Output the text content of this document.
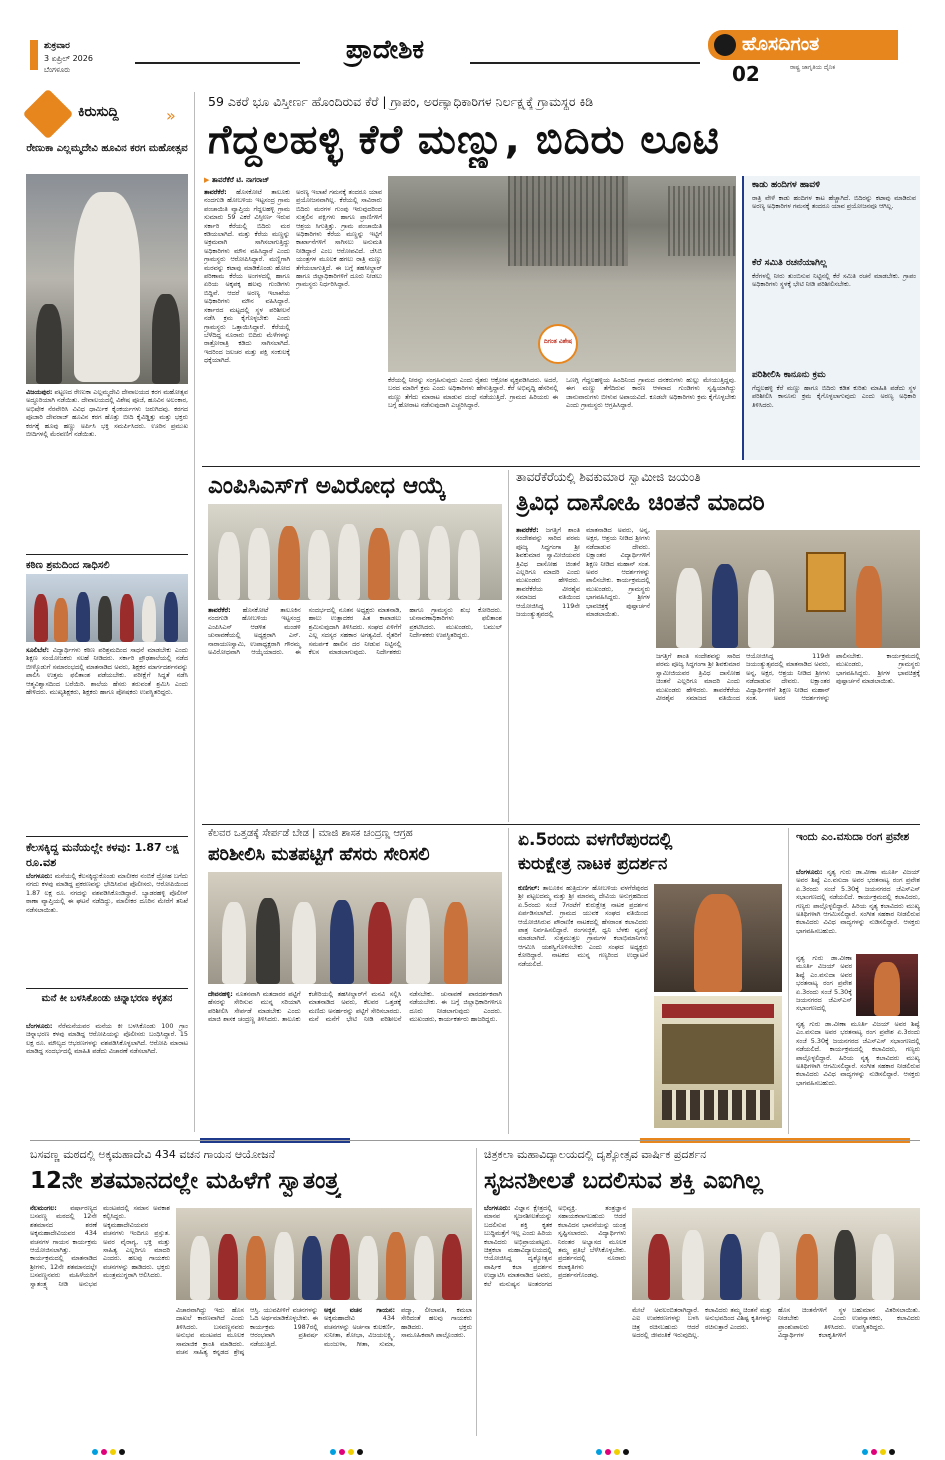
ಶುಕ್ರವಾರ
3 ಏಪ್ರಿಲ್ 2026
ಬೆಂಗಳೂರು
ಪ್ರಾದೇಶಿಕ	ಹೊಸದಿಗಂತ
ರಾಷ್ಟ್ರ ಜಾಗೃತಿಯ ದೈನಿಕ
02
ಕಿರುಸುದ್ದಿ	»
ರೇಣುಕಾ ಎಲ್ಲಮ್ಮದೇವಿ ಹೂವಿನ ಕರಗ ಮಹೋತ್ಸವ
ವಿಜಯಪುರ: ಪಟ್ಟಣದ ರೇಣುಕಾ ಎಲ್ಲಮ್ಮದೇವಿ ದೇವಾಲಯದ ಕರಗ ಮಹೋತ್ಸವ ಅದ್ಧೂರಿಯಾಗಿ ನಡೆಯಿತು. ದೇವಾಲಯದಲ್ಲಿ ವಿಶೇಷ ಪೂಜೆ, ಹೂವಿನ ಅಲಂಕಾರ, ಅಭಿಷೇಕ ನೆರವೇರಿಸಿ ವಿವಿಧ ಧಾರ್ಮಿಕ ಕೈಂಕರ್ಯಗಳು ಜರುಗಿದವು. ಕರಗದ ಪೂಜಾರಿ ದೇವರಾಜ್ ಹೂವಿನ ಕರಗ ಹೊತ್ತು ಬೀದಿ ಕೈವಿಡ್ಡಿತ್ತು ಮತ್ತು ಭಕ್ತರು ಕರಗಕ್ಕೆ ಹೂವು ಹಣ್ಣು ಅರ್ಪಿಸಿ ಭಕ್ತಿ ಸಮರ್ಪಿಸಿದರು. ಊರಿನ ಪ್ರಮುಖ ಬೀದಿಗಳಲ್ಲಿ ಮೆರವಣಿಗೆ ನಡೆಯಿತು.
ಕಠಿಣ ಶ್ರಮದಿಂದ ಸಾಧಿಸಲಿ
ಸೂಲಿಬೆಲೆ: ವಿದ್ಯಾರ್ಥಿಗಳು ಕಠಿಣ ಪರಿಶ್ರಮದಿಂದ ಸಾಧನೆ ಮಾಡಬೇಕು ಎಂದು ಶಿಕ್ಷಣ ಸಂಯೋಜಕರು ಸಲಹೆ ನೀಡಿದರು. ಸರ್ಕಾರಿ ಪ್ರೌಢಶಾಲೆಯಲ್ಲಿ ನಡೆದ ಬೀಳ್ಕೊಡುಗೆ ಸಮಾರಂಭದಲ್ಲಿ ಮಾತನಾಡಿದ ಅವರು, ಶಿಕ್ಷಕರ ಮಾರ್ಗದರ್ಶನವನ್ನು ಪಾಲಿಸಿ ಉತ್ತಮ ಫಲಿತಾಂಶ ಪಡೆಯಬೇಕು. ಪರೀಕ್ಷೆಗೆ ಸಿದ್ಧತೆ ನಡೆಸಿ ಆತ್ಮವಿಶ್ವಾಸದಿಂದ ಬರೆಯಿರಿ. ಶಾಲೆಯ ಹೆಸರು ತರುವಂತೆ ಶ್ರಮಿಸಿ ಎಂದು ಹೇಳಿದರು. ಮುಖ್ಯಶಿಕ್ಷಕರು, ಶಿಕ್ಷಕರು ಹಾಗೂ ಪೋಷಕರು ಉಪಸ್ಥಿತರಿದ್ದರು.
ಕೆಲಸಕ್ಕಿದ್ದ ಮನೆಯಲ್ಲೇ ಕಳವು: 1.87 ಲಕ್ಷ ರೂ.ವಶ
ಬೆಂಗಳೂರು: ಮನೆಯಲ್ಲಿ ಕೆಲಸಕ್ಕಿದ್ದುಕೊಂಡು ಮಾಲೀಕರ ನಂಬಿಕೆ ದ್ರೋಹ ಬಗೆದು ನಗದು ಕಳವು ಮಾಡಿದ್ದ ಪ್ರಕರಣವನ್ನು ಭೇದಿಸಿರುವ ಪೊಲೀಸರು, ಆರೋಪಿಯಿಂದ 1.87 ಲಕ್ಷ ರೂ. ನಗದನ್ನು ವಶಪಡಿಸಿಕೊಂಡಿದ್ದಾರೆ. ಬ್ಯಾಡರಹಳ್ಳಿ ಪೊಲೀಸ್ ಠಾಣಾ ವ್ಯಾಪ್ತಿಯಲ್ಲಿ ಈ ಘಟನೆ ನಡೆದಿದ್ದು, ಮಾಲೀಕರ ದೂರಿನ ಮೇರೆಗೆ ತನಿಖೆ ನಡೆಸಲಾಯಿತು.
ಮನೆ ಕೀ ಬಳಸಿಕೊಂಡು ಚಿನ್ನಾಭರಣ ಕಳ್ಳತನ
ಬೆಂಗಳೂರು: ನೆರೆಮನೆಯವರ ಮನೆಯ ಕೀ ಬಳಸಿಕೊಂಡು 100 ಗ್ರಾಂ ಚಿನ್ನಾಭರಣ ಕಳವು ಮಾಡಿದ್ದ ಆರೋಪಿಯನ್ನು ಪೊಲೀಸರು ಬಂಧಿಸಿದ್ದಾರೆ. 15 ಲಕ್ಷ ರೂ. ಮೌಲ್ಯದ ಆಭರಣಗಳನ್ನು ವಶಪಡಿಸಿಕೊಳ್ಳಲಾಗಿದೆ. ಆರೋಪಿ ಮಾರಾಟ ಮಾಡಿದ್ದ ಸಂದರ್ಭದಲ್ಲಿ ಮಾಹಿತಿ ಪಡೆದು ವಿಚಾರಣೆ ನಡೆಸಲಾಗಿದೆ.
59 ಎಕರೆ ಭೂ ವಿಸ್ತೀರ್ಣ ಹೊಂದಿರುವ ಕೆರೆ | ಗ್ರಾಪಂ, ಅರಣ್ಯಾಧಿಕಾರಿಗಳ ನಿರ್ಲಕ್ಷ್ಯಕ್ಕೆ ಗ್ರಾಮಸ್ಥರ ಕಿಡಿ
ಗೆದ್ದಲಹಳ್ಳಿ ಕೆರೆ ಮಣ್ಣು, ಬಿದಿರು ಲೂಟಿ
▶ ತಾವರೆಕೆರೆ ಟಿ. ನಾಗರಾಜ್
ತಾವರೆಕೆರೆ: ಹೊಸಕೋಟೆ ತಾಲೂಕು ನಂದಗುಡಿ ಹೋಬಳಿಯ ಇಟ್ಟಸಂದ್ರ ಗ್ರಾಮ ಪಂಚಾಯಿತಿ ವ್ಯಾಪ್ತಿಯ ಗೆದ್ದಲಹಳ್ಳಿ ಗ್ರಾಮ ಸುಮಾರು 59 ಎಕರೆ ವಿಸ್ತೀರ್ಣ ಇರುವ ಸರ್ಕಾರಿ ಕೆರೆಯಲ್ಲಿ ಬಿದಿರು ಮರ ಕಡಿಯಲಾಗಿದೆ. ಮತ್ತು ಕೆರೆಯ ಮಣ್ಣನ್ನು ಅಕ್ರಮವಾಗಿ ಸಾಗಿಸಲಾಗುತ್ತಿದ್ದು ಅಧಿಕಾರಿಗಳು ಮೌನ ವಹಿಸಿದ್ದಾರೆ ಎಂದು ಗ್ರಾಮಸ್ಥರು ಆರೋಪಿಸಿದ್ದಾರೆ. ಮಣ್ಣಿಗಾಗಿ ಮರವನ್ನು ಕಟಾವು ಮಾಡಿಕೊಂಡು ಹೋದ ಪರಿಣಾಮ ಕೆರೆಯ ಅಂಗಳದಲ್ಲಿ ಹಾಗೂ ಏರಿಯ ಅಕ್ಕಪಕ್ಕ ಹಲವು ಗುಂಡಿಗಳು ಬಿದ್ದಿವೆ. ಆದರೆ ಅರಣ್ಯ ಇಲಾಖೆಯ ಅಧಿಕಾರಿಗಳು ಮೌನ ವಹಿಸಿದ್ದಾರೆ. ಸರ್ಕಾರದ ಮಟ್ಟದಲ್ಲಿ ಸ್ಥಳ ಪರಿಶೀಲನೆ ನಡೆಸಿ ಕ್ರಮ ಕೈಗೊಳ್ಳಬೇಕು ಎಂದು ಗ್ರಾಮಸ್ಥರು ಒತ್ತಾಯಿಸಿದ್ದಾರೆ. ಕೆರೆಯಲ್ಲಿ ಬೆಳೆದಿದ್ದ ನೂರಾರು ಬಿದಿರು ಮೆಳೆಗಳನ್ನು ರಾತ್ರೋರಾತ್ರಿ ಕಡಿದು ಸಾಗಿಸಲಾಗಿದೆ. ಇದರಿಂದ ಜಲಚರ ಮತ್ತು ಪಕ್ಷಿ ಸಂಕುಲಕ್ಕೆ ಧಕ್ಕೆಯಾಗಿದೆ.
ಅರಣ್ಯ ಇಲಾಖೆ ಗಮನಕ್ಕೆ ತಂದರೂ ಯಾವ ಪ್ರಯೋಜನವಾಗಿಲ್ಲ. ಕೆರೆಯಲ್ಲಿ ಸಾವಿರಾರು ಬಿದಿರು ಮರಗಳ ಗುಂಪು ಇರುವುದರಿಂದ ಸುತ್ತಲಿನ ಪಕ್ಷಿಗಳು ಹಾಗೂ ಪ್ರಾಣಿಗಳಿಗೆ ಆಶ್ರಯ ಸಿಗುತ್ತಿತ್ತು. ಗ್ರಾಮ ಪಂಚಾಯಿತಿ ಅಧಿಕಾರಿಗಳು ಕೆರೆಯ ಮಣ್ಣನ್ನು ಇಟ್ಟಿಗೆ ಕಾರ್ಖಾನೆಗಳಿಗೆ ಸಾಗಿಸಲು ಅನುಮತಿ ನೀಡಿದ್ದಾರೆ ಎಂಬ ಆರೋಪವಿದೆ. ಜೆಸಿಬಿ ಯಂತ್ರಗಳ ಮೂಲಕ ಹಗಲು ರಾತ್ರಿ ಮಣ್ಣು ತೆಗೆಯಲಾಗುತ್ತಿದೆ. ಈ ಬಗ್ಗೆ ತಹಸೀಲ್ದಾರ್ ಹಾಗೂ ಜಿಲ್ಲಾಧಿಕಾರಿಗಳಿಗೆ ದೂರು ನೀಡಲು ಗ್ರಾಮಸ್ಥರು ನಿರ್ಧರಿಸಿದ್ದಾರೆ.
ದಿಗಂತ ವಿಶೇಷ
ಕೆರೆಯಲ್ಲಿ ನೀರನ್ನು ಸಂಗ್ರಹಿಸುವುದು ಎಂದು ರೈತರು ಆಕ್ರೋಶ ವ್ಯಕ್ತಪಡಿಸಿದರು. ಅದರೆ, ಬರದ ಮಾರಿಗೆ ಕ್ರಮ ಎಂದು ಅಧಿಕಾರಿಗಳು ಹೇಳುತ್ತಿದ್ದಾರೆ. ಕೆರೆ ಅಭಿವೃದ್ಧಿ ಹೆಸರಿನಲ್ಲಿ ಮಣ್ಣು ತೆಗೆದು ಮಾರಾಟ ಮಾಡುವ ದಂಧೆ ನಡೆಯುತ್ತಿದೆ. ಗ್ರಾಮದ ಹಿರಿಯರು ಈ ಬಗ್ಗೆ ಹೋರಾಟ ನಡೆಸುವುದಾಗಿ ಎಚ್ಚರಿಸಿದ್ದಾರೆ.
ಒಣಗ್ಗಿ ಗೆದ್ದಲಹಳ್ಳಿಯ ಹಿಂದಿನಿಂದ ಗ್ರಾಮದ ದನಕರುಗಳು ಹುಲ್ಲು ಮೇಯುತ್ತಿದ್ದವು. ಈಗ ಮಣ್ಣು ತೆಗೆದಿರುವ ಕಾರಣ ಆಳವಾದ ಗುಂಡಿಗಳು ಸೃಷ್ಟಿಯಾಗಿದ್ದು ಜಾನುವಾರುಗಳು ಬೀಳುವ ಅಪಾಯವಿದೆ. ಕೂಡಲೇ ಅಧಿಕಾರಿಗಳು ಕ್ರಮ ಕೈಗೊಳ್ಳಬೇಕು ಎಂದು ಗ್ರಾಮಸ್ಥರು ಆಗ್ರಹಿಸಿದ್ದಾರೆ.
ಕಾಡು ಹಂದಿಗಳ ಹಾವಳಿ
ರಾತ್ರಿ ವೇಳೆ ಕಾಡು ಹಂದಿಗಳ ಕಾಟ ಹೆಚ್ಚಾಗಿದೆ. ಬಿದಿರನ್ನು ಕಟಾವು ಮಾಡಿರುವ ಅರಣ್ಯ ಅಧಿಕಾರಿಗಳ ಗಮನಕ್ಕೆ ತಂದರೂ ಯಾವ ಪ್ರಯೋಜನವೂ ಆಗಿಲ್ಲ.
ಕೆರೆ ಸಮಿತಿ ರಚನೆಯಾಗಿಲ್ಲ
ಕೆರೆಗಳಲ್ಲಿ ನೀರು ತುಂಬಿಸುವ ನಿಟ್ಟಿನಲ್ಲಿ ಕೆರೆ ಸಮಿತಿ ರಚನೆ ಮಾಡಬೇಕು. ಗ್ರಾಪಂ ಅಧಿಕಾರಿಗಳು ಸ್ಥಳಕ್ಕೆ ಭೇಟಿ ನೀಡಿ ಪರಿಶೀಲಿಸಬೇಕು.
ಪರಿಶೀಲಿಸಿ ಕಾನೂನು ಕ್ರಮ
ಗೆದ್ದಲಹಳ್ಳಿ ಕೆರೆ ಮಣ್ಣು ಹಾಗೂ ಬಿದಿರು ಕಡಿತ ಕುರಿತು ಮಾಹಿತಿ ಪಡೆದು ಸ್ಥಳ ಪರಿಶೀಲಿಸಿ ಕಾನೂನು ಕ್ರಮ ಕೈಗೊಳ್ಳಲಾಗುವುದು ಎಂದು ಅರಣ್ಯ ಅಧಿಕಾರಿ ತಿಳಿಸಿದರು.
ಎಂಪಿಸಿಎಸ್‌ಗೆ ಅವಿರೋಧ ಆಯ್ಕೆ
ತಾವರೆಕೆರೆ: ಹೊಸಕೋಟೆ ತಾಲೂಕಿನ ನಂದಗುಡಿ ಹೋಬಳಿಯ ಇಟ್ಟಸಂದ್ರ ಎಂಪಿಸಿಎಸ್ ಆಡಳಿತ ಮಂಡಳಿ ಚುನಾವಣೆಯಲ್ಲಿ ಅಧ್ಯಕ್ಷರಾಗಿ ಎನ್. ನಾರಾಯಣಸ್ವಾಮಿ, ಉಪಾಧ್ಯಕ್ಷರಾಗಿ ಗೌರಮ್ಮ ಅವಿರೋಧವಾಗಿ ಆಯ್ಕೆಯಾದರು. ಈ ಸಂದರ್ಭದಲ್ಲಿ ನೂತನ ಅಧ್ಯಕ್ಷರು ಮಾತನಾಡಿ, ಹಾಲು ಉತ್ಪಾದಕರ ಹಿತ ಕಾಪಾಡಲು ಶ್ರಮಿಸುವುದಾಗಿ ತಿಳಿಸಿದರು. ಸಂಘದ ಏಳಿಗೆಗೆ ಎಲ್ಲ ಸದಸ್ಯರ ಸಹಕಾರ ಅಗತ್ಯವಿದೆ. ರೈತರಿಗೆ ಸಮರ್ಪಕ ಹಾಲಿನ ದರ ನೀಡುವ ನಿಟ್ಟಿನಲ್ಲಿ ಕೆಲಸ ಮಾಡಲಾಗುವುದು. ನಿರ್ದೇಶಕರು ಹಾಗೂ ಗ್ರಾಮಸ್ಥರು ಶುಭ ಕೋರಿದರು. ಚುನಾವಣಾಧಿಕಾರಿಗಳು ಫಲಿತಾಂಶ ಪ್ರಕಟಿಸಿದರು. ಮುಖಂಡರು, ಬಮುಲ್ ನಿರ್ದೇಶಕರು ಉಪಸ್ಥಿತರಿದ್ದರು.
ತಾವರೆಕೆರೆಯಲ್ಲಿ ಶಿವಕುಮಾರ ಸ್ವಾಮೀಜಿ ಜಯಂತಿ
ತ್ರಿವಿಧ ದಾಸೋಹಿ ಚಿಂತನೆ ಮಾದರಿ
ತಾವರೆಕೆರೆ: ಜಗತ್ತಿಗೆ ಶಾಂತಿ ಸಂದೇಶವನ್ನು ಸಾರಿದ ಪರಮ ಪೂಜ್ಯ ಸಿದ್ಧಗಂಗಾ ಶ್ರೀ ಶಿವಕುಮಾರ ಸ್ವಾಮೀಜಿಯವರ ತ್ರಿವಿಧ ದಾಸೋಹ ಚಿಂತನೆ ಎಲ್ಲರಿಗೂ ಮಾದರಿ ಎಂದು ಮುಖಂಡರು ಹೇಳಿದರು. ತಾವರೆಕೆರೆಯ ವೀರಶೈವ ಸಮಾಜದ ವತಿಯಿಂದ ಆಯೋಜಿಸಿದ್ದ 119ನೇ ಜಯಂತ್ಯುತ್ಸವದಲ್ಲಿ ಮಾತನಾಡಿದ ಅವರು, ಅನ್ನ, ಅಕ್ಷರ, ಆಶ್ರಯ ನೀಡಿದ ಶ್ರೀಗಳು ನಡೆದಾಡುವ ದೇವರು. ಲಕ್ಷಾಂತರ ವಿದ್ಯಾರ್ಥಿಗಳಿಗೆ ಶಿಕ್ಷಣ ನೀಡಿದ ಮಹಾನ್ ಸಂತ. ಅವರ ಆದರ್ಶಗಳನ್ನು ಪಾಲಿಸಬೇಕು. ಕಾರ್ಯಕ್ರಮದಲ್ಲಿ ಮುಖಂಡರು, ಗ್ರಾಮಸ್ಥರು ಭಾಗವಹಿಸಿದ್ದರು. ಶ್ರೀಗಳ ಭಾವಚಿತ್ರಕ್ಕೆ ಪುಷ್ಪಾರ್ಚನೆ ಮಾಡಲಾಯಿತು.
ಜಗತ್ತಿಗೆ ಶಾಂತಿ ಸಂದೇಶವನ್ನು ಸಾರಿದ ಪರಮ ಪೂಜ್ಯ ಸಿದ್ಧಗಂಗಾ ಶ್ರೀ ಶಿವಕುಮಾರ ಸ್ವಾಮೀಜಿಯವರ ತ್ರಿವಿಧ ದಾಸೋಹ ಚಿಂತನೆ ಎಲ್ಲರಿಗೂ ಮಾದರಿ ಎಂದು ಮುಖಂಡರು ಹೇಳಿದರು. ತಾವರೆಕೆರೆಯ ವೀರಶೈವ ಸಮಾಜದ ವತಿಯಿಂದ ಆಯೋಜಿಸಿದ್ದ 119ನೇ ಜಯಂತ್ಯುತ್ಸವದಲ್ಲಿ ಮಾತನಾಡಿದ ಅವರು, ಅನ್ನ, ಅಕ್ಷರ, ಆಶ್ರಯ ನೀಡಿದ ಶ್ರೀಗಳು ನಡೆದಾಡುವ ದೇವರು. ಲಕ್ಷಾಂತರ ವಿದ್ಯಾರ್ಥಿಗಳಿಗೆ ಶಿಕ್ಷಣ ನೀಡಿದ ಮಹಾನ್ ಸಂತ. ಅವರ ಆದರ್ಶಗಳನ್ನು ಪಾಲಿಸಬೇಕು. ಕಾರ್ಯಕ್ರಮದಲ್ಲಿ ಮುಖಂಡರು, ಗ್ರಾಮಸ್ಥರು ಭಾಗವಹಿಸಿದ್ದರು. ಶ್ರೀಗಳ ಭಾವಚಿತ್ರಕ್ಕೆ ಪುಷ್ಪಾರ್ಚನೆ ಮಾಡಲಾಯಿತು.
ಕೆಲವರ ಒತ್ತಡಕ್ಕೆ ಸೇರ್ಪಡೆ ಬೇಡ | ಮಾಜಿ ಶಾಸಕ ಚಂದ್ರಣ್ಣ ಆಗ್ರಹ
ಪರಿಶೀಲಿಸಿ ಮತಪಟ್ಟಿಗೆ ಹೆಸರು ಸೇರಿಸಲಿ
ದೇವನಹಳ್ಳಿ: ನೂತನವಾಗಿ ಮತದಾರರ ಪಟ್ಟಿಗೆ ಹೆಸರನ್ನು ಸೇರಿಸುವ ಮುನ್ನ ಸರಿಯಾಗಿ ಪರಿಶೀಲಿಸಿ ಸೇರ್ಪಡೆ ಮಾಡಬೇಕು ಎಂದು ಮಾಜಿ ಶಾಸಕ ಚಂದ್ರಣ್ಣ ತಿಳಿಸಿದರು. ತಾಲೂಕು ಕಚೇರಿಯಲ್ಲಿ ತಹಸೀಲ್ದಾರ್‌ಗೆ ಮನವಿ ಸಲ್ಲಿಸಿ ಮಾತನಾಡಿದ ಅವರು, ಕೆಲವರ ಒತ್ತಡಕ್ಕೆ ಮಣಿದು ಅನರ್ಹರನ್ನು ಪಟ್ಟಿಗೆ ಸೇರಿಸಬಾರದು. ಮನೆ ಮನೆಗೆ ಭೇಟಿ ನೀಡಿ ಪರಿಶೀಲನೆ ನಡೆಸಬೇಕು. ಚುನಾವಣೆ ಪಾರದರ್ಶಕವಾಗಿ ನಡೆಯಬೇಕು. ಈ ಬಗ್ಗೆ ಜಿಲ್ಲಾಧಿಕಾರಿಗಳಿಗೂ ದೂರು ನೀಡಲಾಗುವುದು ಎಂದರು. ಮುಖಂಡರು, ಕಾರ್ಯಕರ್ತರು ಹಾಜರಿದ್ದರು.
ಏ.5ರಂದು ವಳಗೆರೆಪುರದಲ್ಲಿ
ಕುರುಕ್ಷೇತ್ರ ನಾಟಕ ಪ್ರದರ್ಶನ
ಕುಣಿಗಲ್: ತಾಲೂಕಿನ ಹುತ್ರಿದುರ್ಗ ಹೋಬಳಿಯ ವಳಗೆರೆಪುರದ ಶ್ರೀ ಪಟ್ಟಲದಮ್ಮ ಮತ್ತು ಶ್ರೀ ಮಾರಮ್ಮ ದೇವಿಯ ಅನುಗ್ರಹದಿಂದ ಏ.5ರಂದು ಸಂಜೆ 7ಗಂಟೆಗೆ ಕುರುಕ್ಷೇತ್ರ ನಾಟಕ ಪ್ರದರ್ಶನ ಏರ್ಪಡಿಸಲಾಗಿದೆ. ಗ್ರಾಮದ ಯುವಕ ಸಂಘದ ವತಿಯಿಂದ ಆಯೋಜಿಸಿರುವ ಪೌರಾಣಿಕ ನಾಟಕದಲ್ಲಿ ಹೆಸರಾಂತ ಕಲಾವಿದರು ಪಾತ್ರ ನಿರ್ವಹಿಸಲಿದ್ದಾರೆ. ರಂಗಸಜ್ಜಿಕೆ, ಧ್ವನಿ ಬೆಳಕು ವ್ಯವಸ್ಥೆ ಮಾಡಲಾಗಿದೆ. ಸುತ್ತಮುತ್ತಲ ಗ್ರಾಮಗಳ ಕಲಾಭಿಮಾನಿಗಳು ಆಗಮಿಸಿ ಯಶಸ್ವಿಗೊಳಿಸಬೇಕು ಎಂದು ಸಂಘದ ಅಧ್ಯಕ್ಷರು ಕೋರಿದ್ದಾರೆ. ನಾಟಕದ ಮುನ್ನ ಗಣ್ಯರಿಂದ ಉದ್ಘಾಟನೆ ನಡೆಯಲಿದೆ.
ಇಂದು ಎಂ.ವಸುದಾ ರಂಗ ಪ್ರವೇಶ
ಬೆಂಗಳೂರು: ನೃತ್ಯ ಗುರು ಡಾ.ವೀಣಾ ಮೂರ್ತಿ ವಿಜಯ್ ಅವರ ಶಿಷ್ಯೆ ಎಂ.ವಸುದಾ ಅವರ ಭರತನಾಟ್ಯ ರಂಗ ಪ್ರವೇಶ ಏ.3ರಂದು ಸಂಜೆ 5.30ಕ್ಕೆ ಜಯನಗರದ ಜೆಎಸ್‌ಎಸ್ ಸಭಾಂಗಣದಲ್ಲಿ ನಡೆಯಲಿದೆ. ಕಾರ್ಯಕ್ರಮದಲ್ಲಿ ಕಲಾವಿದರು, ಗಣ್ಯರು ಪಾಲ್ಗೊಳ್ಳಲಿದ್ದಾರೆ. ಹಿರಿಯ ನೃತ್ಯ ಕಲಾವಿದರು ಮುಖ್ಯ ಅತಿಥಿಗಳಾಗಿ ಆಗಮಿಸಲಿದ್ದಾರೆ. ಸಂಗೀತ ಸಹಕಾರ ನೀಡಲಿರುವ ಕಲಾವಿದರು ವಿವಿಧ ವಾದ್ಯಗಳನ್ನು ನುಡಿಸಲಿದ್ದಾರೆ. ಆಸಕ್ತರು ಭಾಗವಹಿಸಬಹುದು.
ನೃತ್ಯ ಗುರು ಡಾ.ವೀಣಾ ಮೂರ್ತಿ ವಿಜಯ್ ಅವರ ಶಿಷ್ಯೆ ಎಂ.ವಸುದಾ ಅವರ ಭರತನಾಟ್ಯ ರಂಗ ಪ್ರವೇಶ ಏ.3ರಂದು ಸಂಜೆ 5.30ಕ್ಕೆ ಜಯನಗರದ ಜೆಎಸ್‌ಎಸ್ ಸಭಾಂಗಣದಲ್ಲಿ
ನೃತ್ಯ ಗುರು ಡಾ.ವೀಣಾ ಮೂರ್ತಿ ವಿಜಯ್ ಅವರ ಶಿಷ್ಯೆ ಎಂ.ವಸುದಾ ಅವರ ಭರತನಾಟ್ಯ ರಂಗ ಪ್ರವೇಶ ಏ.3ರಂದು ಸಂಜೆ 5.30ಕ್ಕೆ ಜಯನಗರದ ಜೆಎಸ್‌ಎಸ್ ಸಭಾಂಗಣದಲ್ಲಿ ನಡೆಯಲಿದೆ. ಕಾರ್ಯಕ್ರಮದಲ್ಲಿ ಕಲಾವಿದರು, ಗಣ್ಯರು ಪಾಲ್ಗೊಳ್ಳಲಿದ್ದಾರೆ. ಹಿರಿಯ ನೃತ್ಯ ಕಲಾವಿದರು ಮುಖ್ಯ ಅತಿಥಿಗಳಾಗಿ ಆಗಮಿಸಲಿದ್ದಾರೆ. ಸಂಗೀತ ಸಹಕಾರ ನೀಡಲಿರುವ ಕಲಾವಿದರು ವಿವಿಧ ವಾದ್ಯಗಳನ್ನು ನುಡಿಸಲಿದ್ದಾರೆ. ಆಸಕ್ತರು ಭಾಗವಹಿಸಬಹುದು.
ಬಸವಣ್ಣ ಮಠದಲ್ಲಿ ಅಕ್ಕಮಹಾದೇವಿ 434 ವಚನ ಗಾಯನ ಆಯೋಜನೆ
12ನೇ ಶತಮಾನದಲ್ಲೇ ಮಹಿಳೆಗೆ ಸ್ವಾತಂತ್ರ್ಯ
ನೆಲಮಂಗಲ: ವರ್ಷಾರಣ್ಯದ ಬಸವಣ್ಣ ಮಠದಲ್ಲಿ 12ನೇ ಶತಮಾನದ ಶರಣೆ ಅಕ್ಕಮಹಾದೇವಿಯವರ 434 ವಚನಗಳ ಗಾಯನ ಕಾರ್ಯಕ್ರಮ ಆಯೋಜಿಸಲಾಗಿತ್ತು. ಕಾರ್ಯಕ್ರಮದಲ್ಲಿ ಮಾತನಾಡಿದ ಶ್ರೀಗಳು, 12ನೇ ಶತಮಾನದಲ್ಲೇ ಬಸವಣ್ಣನವರು ಮಹಿಳೆಯರಿಗೆ ಸ್ವಾತಂತ್ರ್ಯ ನೀಡಿ ಅನುಭವ ಮಂಟಪದಲ್ಲಿ ಸಮಾನ ಅವಕಾಶ ಕಲ್ಪಿಸಿದ್ದರು. ಅಕ್ಕಮಹಾದೇವಿಯವರ ವಚನಗಳು ಇಂದಿಗೂ ಪ್ರಸ್ತುತ. ಅವರ ವೈರಾಗ್ಯ, ಭಕ್ತಿ ಮತ್ತು ಸಾಹಿತ್ಯ ಎಲ್ಲರಿಗೂ ಮಾದರಿ ಎಂದರು. ಹಲವು ಗಾಯಕರು ವಚನಗಳನ್ನು ಹಾಡಿದರು. ಭಕ್ತರು ಮಂತ್ರಮುಗ್ಧರಾಗಿ ಆಲಿಸಿದರು.
ವಿಚಾರವಾಗಿದ್ದು ಇದು ಹೊಸ ದಾಖಲೆ ಕಾರಣವಾಗಿದೆ ಎಂದು ತಿಳಿಸಿದರು. ಬಸವಣ್ಣನವರು ಅನುಭವ ಮಂಟಪದ ಮೂಲಕ ಸಾಮಾಜಿಕ ಕ್ರಾಂತಿ ಮಾಡಿದರು. ವಚನ ಸಾಹಿತ್ಯ ಕನ್ನಡದ ಶ್ರೇಷ್ಠ ಆಸ್ತಿ. ಯುವಪೀಳಿಗೆ ವಚನಗಳನ್ನು ಓದಿ ಅರ್ಥಮಾಡಿಕೊಳ್ಳಬೇಕು. ಈ ಕಾರ್ಯಕ್ರಮ 1987ರಲ್ಲಿ ಆರಂಭವಾಗಿ ಪ್ರತಿವರ್ಷ ನಡೆಯುತ್ತಿದೆ.
ಅಕ್ಕನ ವಚನ ಗಾಯನ: ಅಕ್ಕಮಹಾದೇವಿ 434 ವಚನಗಳನ್ನು ಅರ್ಚನಾ ಕುಲಕರ್ಣಿ, ಸುನೀತಾ, ಶೋಭಾ, ವಿಜಯಲಕ್ಷ್ಮಿ, ಮಂಜುಳಾ, ಗೀತಾ, ಸುಮಾ, ಪದ್ಮಾ, ಲೀಲಾವತಿ, ಕಮಲಾ ಸೇರಿದಂತೆ ಹಲವು ಗಾಯಕರು ಹಾಡಿದರು. ಭಕ್ತರು ಸಾಮೂಹಿಕವಾಗಿ ಪಾಲ್ಗೊಂಡರು.
ಚಿತ್ರಕಲಾ ಮಹಾವಿದ್ಯಾಲಯದಲ್ಲಿ ದೃಶ್ಯೋತ್ಸವ ವಾರ್ಷಿಕ ಪ್ರದರ್ಶನ
ಸೃಜನಶೀಲತೆ ಬದಲಿಸುವ ಶಕ್ತಿ ಎಐಗಿಲ್ಲ
ಬೆಂಗಳೂರು: ವಿಜ್ಞಾನ ಕ್ಷೇತ್ರದಲ್ಲಿ ಮಾನವ ಸೃಜನಶೀಲತೆಯನ್ನು ಬದಲಿಸುವ ಶಕ್ತಿ ಕೃತಕ ಬುದ್ಧಿಮತ್ತೆಗೆ ಇಲ್ಲ ಎಂದು ಹಿರಿಯ ಕಲಾವಿದರು ಅಭಿಪ್ರಾಯಪಟ್ಟರು. ಚಿತ್ರಕಲಾ ಮಹಾವಿದ್ಯಾಲಯದಲ್ಲಿ ಆಯೋಜಿಸಿದ್ದ ದೃಶ್ಯೋತ್ಸವ ವಾರ್ಷಿಕ ಕಲಾ ಪ್ರದರ್ಶನ ಉದ್ಘಾಟಿಸಿ ಮಾತನಾಡಿದ ಅವರು, ಕಲೆ ಮನುಷ್ಯನ ಅಂತರಂಗದ ಅಭಿವ್ಯಕ್ತಿ. ತಂತ್ರಜ್ಞಾನ ಸಹಾಯಕವಾಗಬಹುದು ಆದರೆ ಕಲಾವಿದನ ಭಾವನೆಯನ್ನು ಯಂತ್ರ ಸೃಷ್ಟಿಸಲಾರದು. ವಿದ್ಯಾರ್ಥಿಗಳು ನಿರಂತರ ಅಭ್ಯಾಸದ ಮೂಲಕ ತಮ್ಮ ಪ್ರತಿಭೆ ಬೆಳೆಸಿಕೊಳ್ಳಬೇಕು. ಪ್ರದರ್ಶನದಲ್ಲಿ ನೂರಾರು ಕಲಾಕೃತಿಗಳು ಪ್ರದರ್ಶನಗೊಂಡವು.
ಮೇಲೆ ಅವಲಂಬಿತರಾಗಿದ್ದಾರೆ. ಎಐ ಉಪಕರಣಗಳನ್ನು ಬಳಸಿ ಚಿತ್ರ ರಚಿಸಬಹುದು ಆದರೆ ಅದರಲ್ಲಿ ಜೀವಂತಿಕೆ ಇರುವುದಿಲ್ಲ. ಕಲಾವಿದರು ತಮ್ಮ ಚಿಂತನೆ ಮತ್ತು ಅನುಭವದಿಂದ ವಿಶಿಷ್ಟ ಕೃತಿಗಳನ್ನು ರಚಿಸುತ್ತಾರೆ ಎಂದರು.
ಹೊಸ ಚಿಂತನೆಗಳಿಗೆ ಸ್ಥಳ ನೀಡಬೇಕು ಎಂದು ಪ್ರಾಂಶುಪಾಲರು ತಿಳಿಸಿದರು. ವಿದ್ಯಾರ್ಥಿಗಳ ಕಲಾಕೃತಿಗಳಿಗೆ ಬಹುಮಾನ ವಿತರಿಸಲಾಯಿತು. ಉಪನ್ಯಾಸಕರು, ಕಲಾವಿದರು ಉಪಸ್ಥಿತರಿದ್ದರು.
